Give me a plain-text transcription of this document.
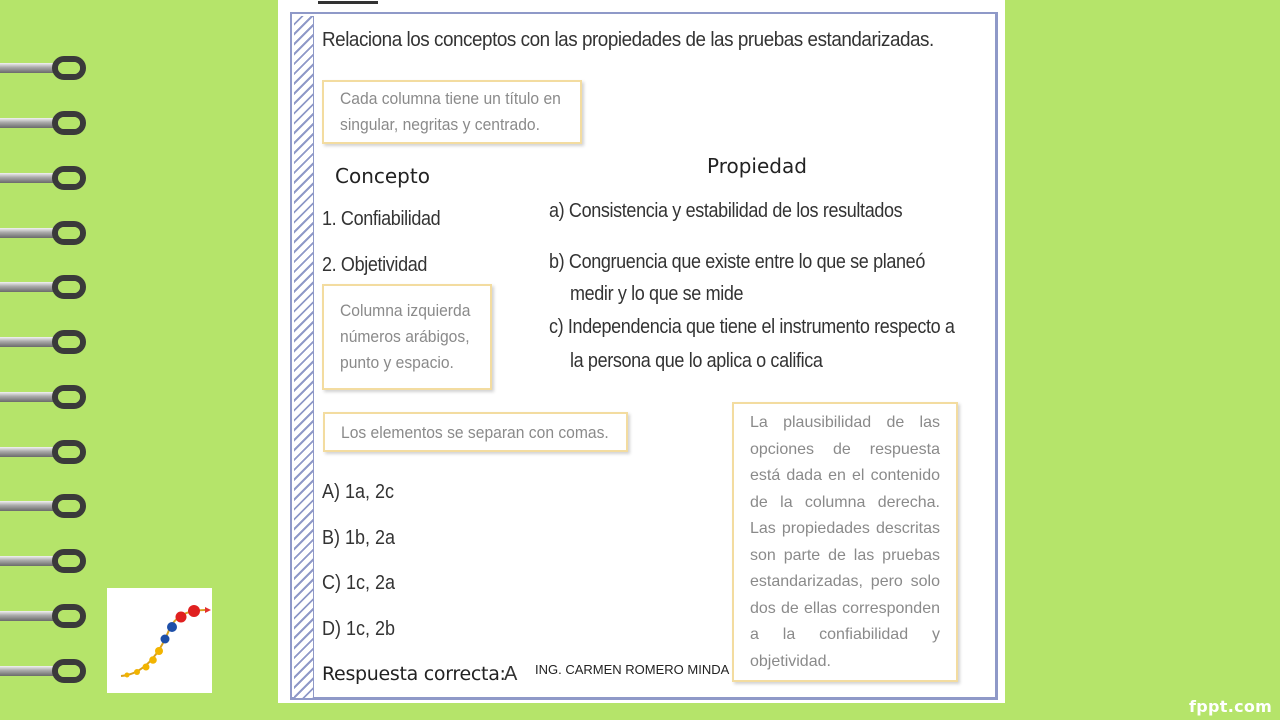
Relaciona los conceptos con las propiedades de las pruebas estandarizadas.
Cada columna tiene un título en
singular, negritas y centrado.
Concepto	Propiedad
1. Confiabilidad
2. Objetividad
a) Consistencia y estabilidad de los resultados
b) Congruencia que existe entre lo que se planeó
medir y lo que se mide
c) Independencia que tiene el instrumento respecto a
la persona que lo aplica o califica
Columna izquierda
números arábigos,
punto y espacio.
Los elementos se separan con comas.
La plausibilidad de las opciones de respuesta está dada en el contenido de la columna derecha. Las propiedades descritas son parte de las pruebas estandarizadas, pero solo dos de ellas corresponden a la confiabilidad y objetividad.
A) 1a, 2c
B) 1b, 2a
C) 1c, 2a
D) 1c, 2b
Respuesta correcta:
A ING. CARMEN ROMERO MINDA
fppt.com
